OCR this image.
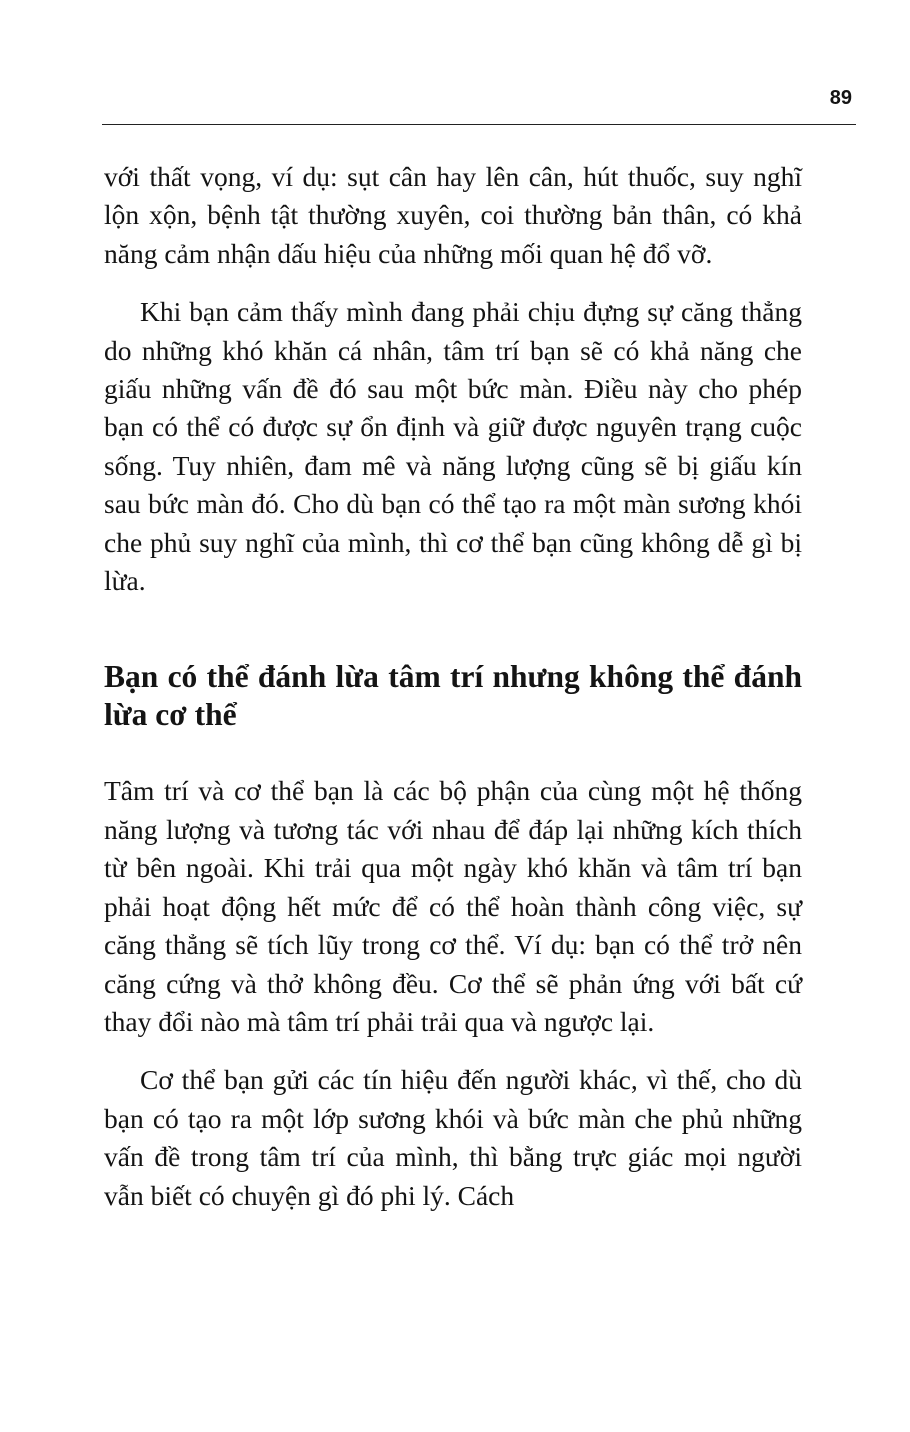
89

với thất vọng, ví dụ: sụt cân hay lên cân, hút thuốc, suy nghĩ lộn xộn, bệnh tật thường xuyên, coi thường bản thân, có khả năng cảm nhận dấu hiệu của những mối quan hệ đổ vỡ.

Khi bạn cảm thấy mình đang phải chịu đựng sự căng thẳng do những khó khăn cá nhân, tâm trí bạn sẽ có khả năng che giấu những vấn đề đó sau một bức màn. Điều này cho phép bạn có thể có được sự ổn định và giữ được nguyên trạng cuộc sống. Tuy nhiên, đam mê và năng lượng cũng sẽ bị giấu kín sau bức màn đó. Cho dù bạn có thể tạo ra một màn sương khói che phủ suy nghĩ của mình, thì cơ thể bạn cũng không dễ gì bị lừa.

Bạn có thể đánh lừa tâm trí nhưng không thể đánh lừa cơ thể

Tâm trí và cơ thể bạn là các bộ phận của cùng một hệ thống năng lượng và tương tác với nhau để đáp lại những kích thích từ bên ngoài. Khi trải qua một ngày khó khăn và tâm trí bạn phải hoạt động hết mức để có thể hoàn thành công việc, sự căng thẳng sẽ tích lũy trong cơ thể. Ví dụ: bạn có thể trở nên căng cứng và thở không đều. Cơ thể sẽ phản ứng với bất cứ thay đổi nào mà tâm trí phải trải qua và ngược lại.

Cơ thể bạn gửi các tín hiệu đến người khác, vì thế, cho dù bạn có tạo ra một lớp sương khói và bức màn che phủ những vấn đề trong tâm trí của mình, thì bằng trực giác mọi người vẫn biết có chuyện gì đó phi lý. Cách
